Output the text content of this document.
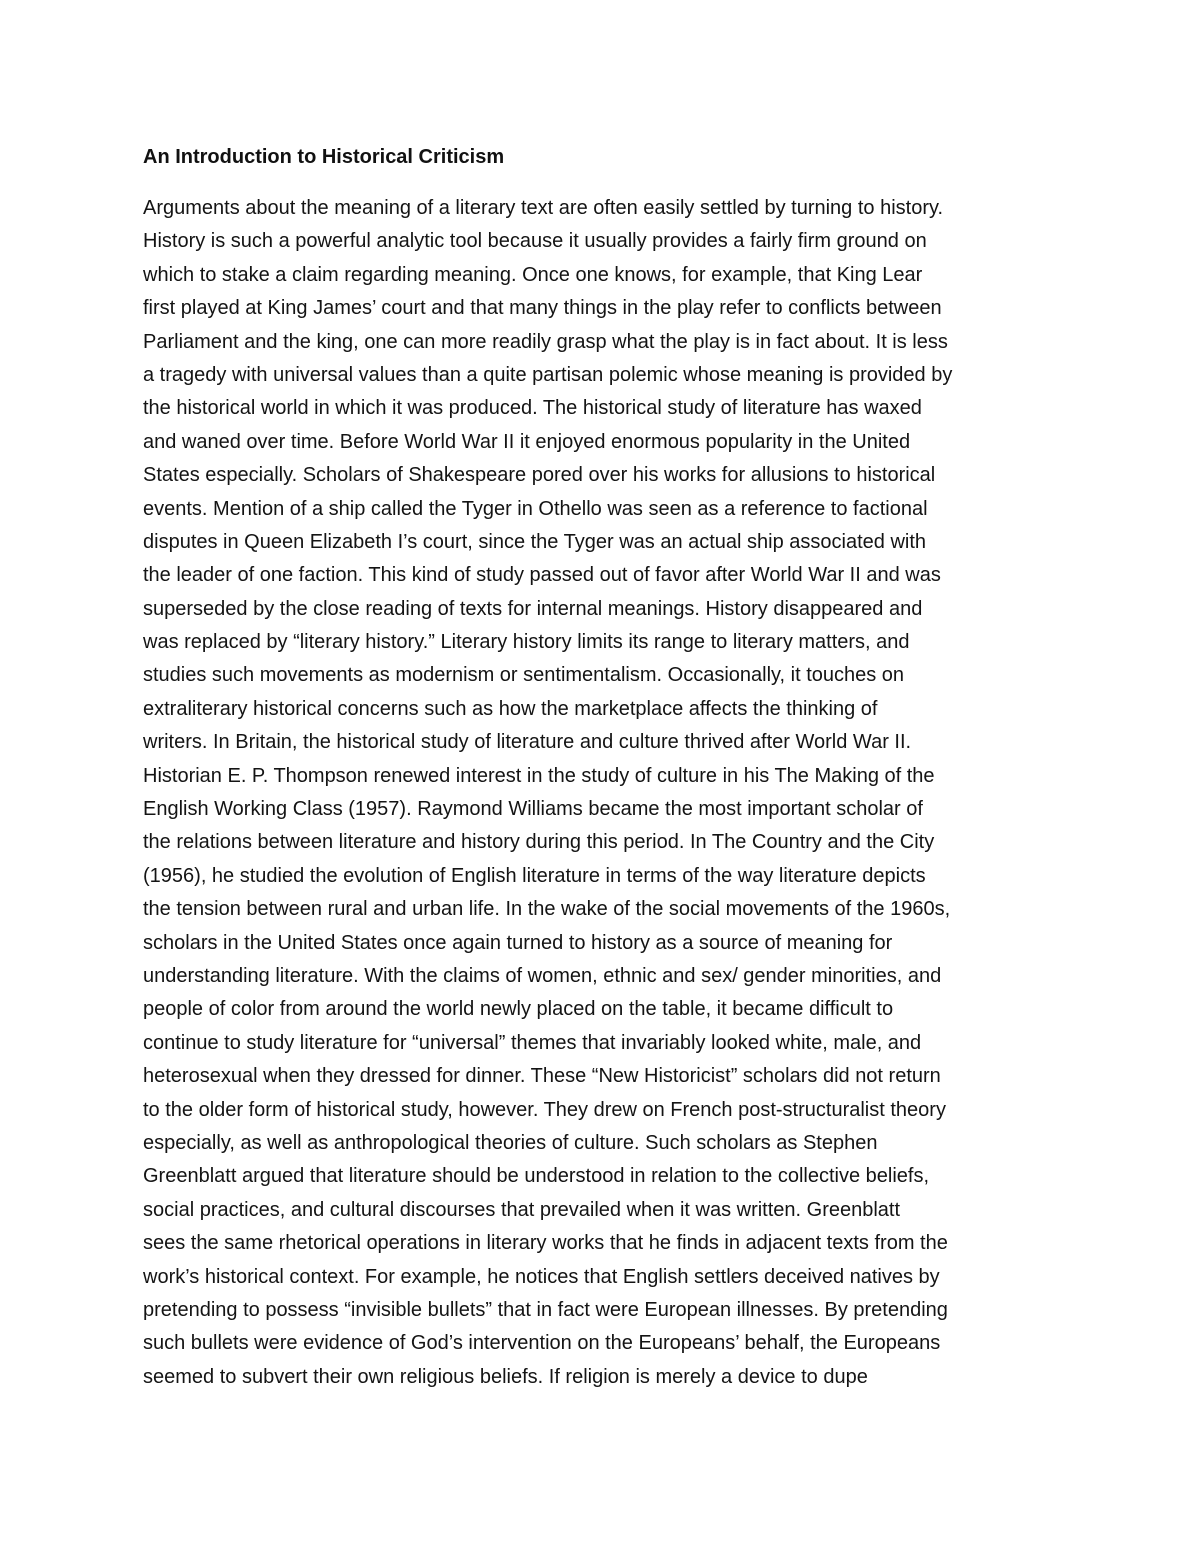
An Introduction to Historical Criticism
Arguments about the meaning of a literary text are often easily settled by turning to history.
History is such a powerful analytic tool because it usually provides a fairly firm ground on
which to stake a claim regarding meaning. Once one knows, for example, that King Lear
first played at King James’ court and that many things in the play refer to conflicts between
Parliament and the king, one can more readily grasp what the play is in fact about. It is less
a tragedy with universal values than a quite partisan polemic whose meaning is provided by
the historical world in which it was produced. The historical study of literature has waxed
and waned over time. Before World War II it enjoyed enormous popularity in the United
States especially. Scholars of Shakespeare pored over his works for allusions to historical
events. Mention of a ship called the Tyger in Othello was seen as a reference to factional
disputes in Queen Elizabeth I’s court, since the Tyger was an actual ship associated with
the leader of one faction. This kind of study passed out of favor after World War II and was
superseded by the close reading of texts for internal meanings. History disappeared and
was replaced by “literary history.” Literary history limits its range to literary matters, and
studies such movements as modernism or sentimentalism. Occasionally, it touches on
extraliterary historical concerns such as how the marketplace affects the thinking of
writers. In Britain, the historical study of literature and culture thrived after World War II.
Historian E. P. Thompson renewed interest in the study of culture in his The Making of the
English Working Class (1957). Raymond Williams became the most important scholar of
the relations between literature and history during this period. In The Country and the City
(1956), he studied the evolution of English literature in terms of the way literature depicts
the tension between rural and urban life. In the wake of the social movements of the 1960s,
scholars in the United States once again turned to history as a source of meaning for
understanding literature. With the claims of women, ethnic and sex/ gender minorities, and
people of color from around the world newly placed on the table, it became difficult to
continue to study literature for “universal” themes that invariably looked white, male, and
heterosexual when they dressed for dinner. These “New Historicist” scholars did not return
to the older form of historical study, however. They drew on French post-structuralist theory
especially, as well as anthropological theories of culture. Such scholars as Stephen
Greenblatt argued that literature should be understood in relation to the collective beliefs,
social practices, and cultural discourses that prevailed when it was written. Greenblatt
sees the same rhetorical operations in literary works that he finds in adjacent texts from the
work’s historical context. For example, he notices that English settlers deceived natives by
pretending to possess “invisible bullets” that in fact were European illnesses. By pretending
such bullets were evidence of God’s intervention on the Europeans’ behalf, the Europeans
seemed to subvert their own religious beliefs. If religion is merely a device to dupe
